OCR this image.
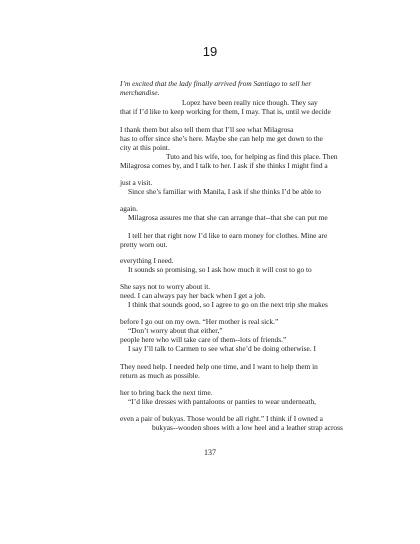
19
I’m excited that the lady finally arrived from Santiago to sell her
merchandise.
Lopez have been really nice though. They say
that if I’d like to keep working for them, I may. That is, until we decide
I thank them but also tell them that I’ll see what Milagrosa
has to offer since she’s here. Maybe she can help me get down to the
city at this point.
Tuto and his wife, too, for helping as find this place. Then
Milagrosa comes by, and I talk to her. I ask if she thinks I might find a
just a visit.
Since she’s familiar with Manila, I ask if she thinks I’d be able to
again.
Milagrosa assures me that she can arrange that--that she can put me
I tell her that right now I’d like to earn money for clothes. Mine are
pretty worn out.
everything I need.
It sounds so promising, so I ask how much it will cost to go to
She says not to worry about it.
need. I can always pay her back when I get a job.
I think that sounds good, so I agree to go on the next trip she makes
before I go out on my own. “Her mother is real sick.”
“Don’t worry about that either,”
people here who will take care of them--lots of friends.”
I say I’ll talk to Carmen to see what she’d be doing otherwise. I
They need help. I needed help one time, and I want to help them in
return as much as possible.
her to bring back the next time.
“I’d like dresses with pantaloons or panties to wear underneath,
even a pair of bukyas. Those would be all right.” I think if I owned a
bukyas--wooden shoes with a low heel and a leather strap across
137
